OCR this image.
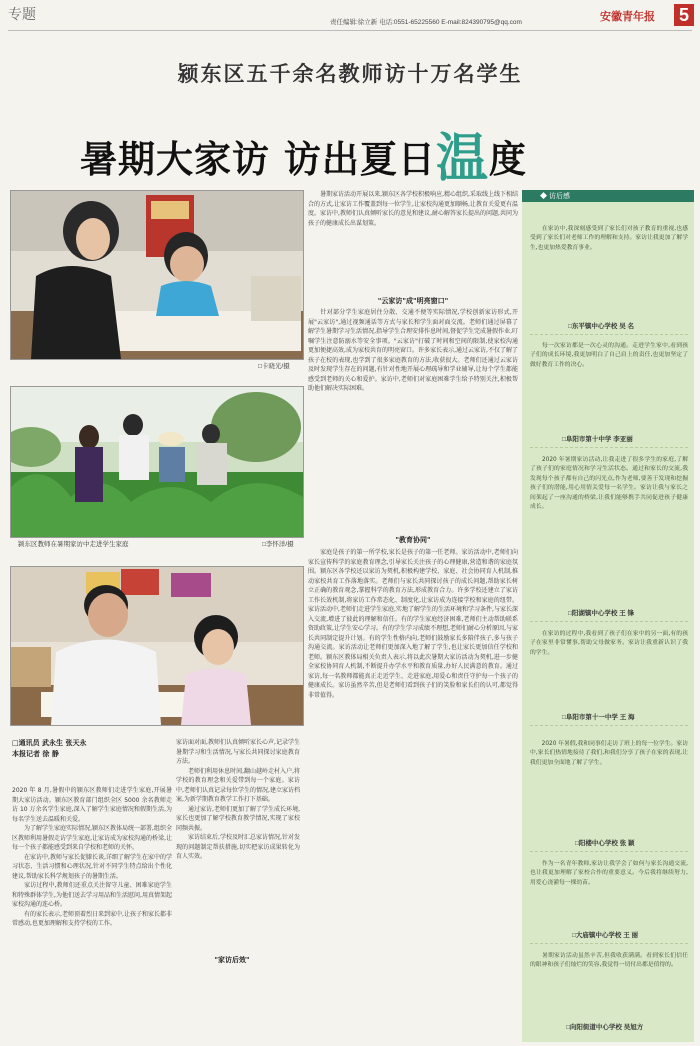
专题	责任编辑:徐立新 电话:0551-65225560 E-mail:824390795@qq.com	安徽青年报 5
颍东区五千余名教师访十万名学生
暑期大家访 访出夏日温度
□卡晓光/摄
颍东区教师在暑期家访中走进学生家庭	□李怀洋/摄
□通讯员 武永生 张天永
本报记者 徐 静

2020 年 8 月,暑假中的颍东区教师们走进学生家庭,开展暑期大家访活动。颍东区教育部门组织全区 5000 余名教师走访 10 万余名学生家庭,深入了解学生家庭情况和假期生活,为每名学生送去温暖和关爱。

　　为了解学生家庭实际情况,颍东区教体局统一部署,组织全区教师利用暑假走访学生家庭,让家访成为家校沟通的桥梁,让每一个孩子都能感受到来自学校和老师的关怀。

　　在家访中,教师与家长促膝长谈,详细了解学生在家中的学习状态、生活习惯和心理状况,针对不同学生特点给出个性化建议,帮助家长科学规划孩子的暑期生活。

　　家访过程中,教师们还重点关注留守儿童、困难家庭学生和特殊群体学生,为他们送去学习用品和生活慰问,用真情架起家校沟通的连心桥。

　　有的家长表示,老师顶着烈日来到家中,让孩子和家长都非常感动,也更加理解和支持学校的工作。

"家访后效"

家访面对面,教师们认真倾听家长心声,记录学生暑期学习和生活情况,与家长共同探讨家庭教育方法。

　　老师们利用休息时间,翻山越岭走村入户,将学校的教育理念和关爱带到每一个家庭。家访中,老师们认真记录每位学生的情况,建立家访档案,为新学期教育教学工作打下基础。

　　通过家访,老师们更加了解了学生成长环境,家长也更加了解学校教育教学情况,实现了家校同频共振。

　　家访结束后,学校及时汇总家访情况,针对发现的问题制定帮扶措施,切实把家访成果转化为育人实效。

　　暑期家访活动开展以来,颍东区各学校积极响应,精心组织,采取线上线下相结合的方式,让家访工作覆盖到每一位学生,让家校沟通更加顺畅,让教育关爱更有温度。家访中,教师们认真倾听家长的意见和建议,耐心解答家长提出的问题,共同为孩子的健康成长出谋划策。
"云家访"成"明亮窗口"
　　针对部分学生家庭居住分散、交通不便等实际情况,学校创新家访形式,开展"云家访",通过视频通话等方式与家长和学生面对面交流。老师们通过屏幕了解学生暑期学习生活情况,指导学生合理安排作息时间,督促学生完成暑假作业,叮嘱学生注意防溺水等安全事项。"云家访"打破了时间和空间的限制,使家校沟通更加便捷高效,成为家校共育的明亮窗口。许多家长表示,通过云家访,不仅了解了孩子在校的表现,也学到了很多家庭教育的方法,收获很大。老师们还通过云家访及时发现学生存在的问题,有针对性地开展心理疏导和学业辅导,让每个学生都能感受到老师的关心和爱护。家访中,老师们对家庭困难学生给予特别关注,积极帮助他们解决实际困难。
"教育协同"
　　家庭是孩子的第一所学校,家长是孩子的第一任老师。家访活动中,老师们向家长宣传科学的家庭教育理念,引导家长关注孩子的心理健康,营造和谐的家庭氛围。颍东区各学校还以家访为契机,积极构建学校、家庭、社会协同育人机制,推动家校共育工作落地落实。老师们与家长共同探讨孩子的成长问题,帮助家长树立正确的教育观念,掌握科学的教育方法,形成教育合力。许多学校还建立了家访工作长效机制,将家访工作常态化、制度化,让家访成为连接学校和家庭的纽带。家访活动中,老师们走进学生家庭,实地了解学生的生活环境和学习条件,与家长深入交流,增进了彼此的理解和信任。有的学生家庭经济困难,老师们主动帮助联系资助政策,让学生安心学习。有的学生学习成绩不理想,老师们耐心分析原因,与家长共同制定提升计划。有的学生性格内向,老师们鼓励家长多陪伴孩子,多与孩子沟通交流。家访活动让老师们更加深入地了解了学生,也让家长更加信任学校和老师。颍东区教体局相关负责人表示,将以此次暑期大家访活动为契机,进一步健全家校协同育人机制,不断提升办学水平和教育质量,办好人民满意的教育。通过家访,每一名教师都能真正走近学生、走进家庭,用爱心和责任守护每一个孩子的健康成长。家访虽然辛苦,但是老师们看到孩子们的笑脸和家长们的认可,都觉得非常值得。
◆ 访后感
　　在家访中,我深刻感受到了家长们对孩子教育的重视,也感受到了家长们对老师工作的理解和支持。家访让我更加了解学生,也更加热爱教育事业。
□东平镇中心学校 吴 名
　　每一次家访都是一次心灵的沟通。走进学生家中,看到孩子们的成长环境,我更加明白了自己肩上的责任,也更加坚定了做好教育工作的决心。
□阜阳市第十中学 李亚丽
　　2020 年暑期家访活动,让我走进了很多学生的家庭,了解了孩子们的家庭情况和学习生活状态。通过和家长的交流,我发现每个孩子都有自己的闪光点,作为老师,要善于发现和挖掘孩子们的潜能,用心用情关爱每一名学生。家访让我与家长之间架起了一座沟通的桥梁,让我们能够携手共同促进孩子健康成长。
□阳湖镇中心学校 王 锋
　　在家访的过程中,我看到了孩子们在家中的另一面,有的孩子在家里非常懂事,帮助父母做家务。家访让我重新认识了我的学生。
□阜阳市第十一中学 王 海
　　2020 年暑假,我和同事们走访了班上的每一位学生。家访中,家长们热情地接待了我们,和我们分享了孩子在家的表现,让我们更加全面地了解了学生。
□阳楼中心学校 张 颖
　　作为一名青年教师,家访让我学会了如何与家长沟通交流,也让我更加理解了家校合作的重要意义。今后我将继续努力,用爱心浇灌每一棵幼苗。
□大庙镇中心学校 王 丽
　　暑期家访活动虽然辛苦,但我收获满满。看到家长们信任的眼神和孩子们灿烂的笑容,我觉得一切付出都是值得的。
□向阳街道中心学校 吴旭方
